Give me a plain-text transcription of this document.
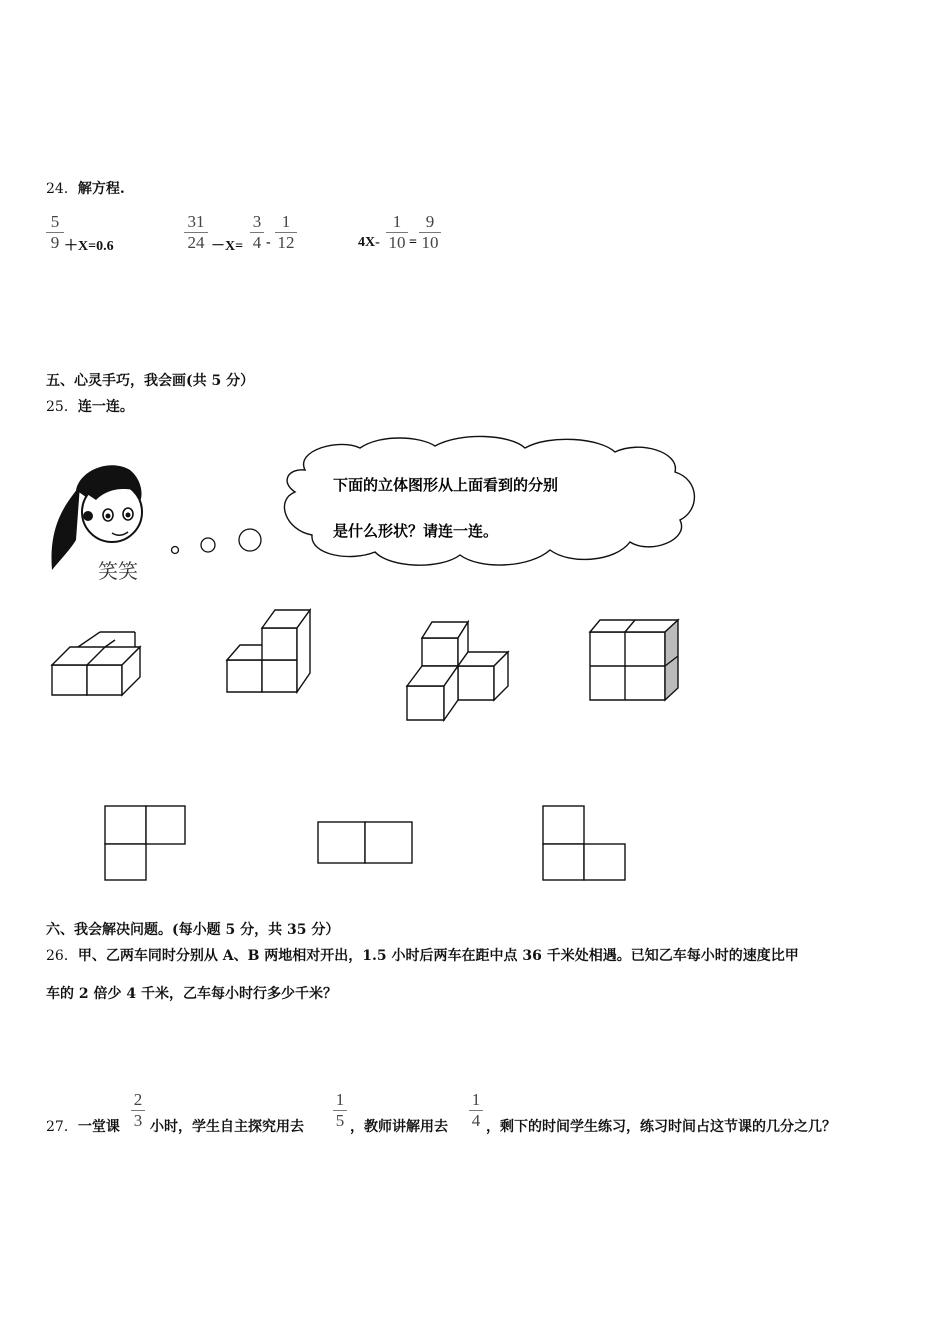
24．解方程.
5
9 ＋X=0.6
31
24 －X=
3
4 -
1
12	4X-
1
10 =
9
10
五、心灵手巧，我会画(共 5 分）
25．连一连。
笑笑
下面的立体图形从上面看到的分别
是什么形状？请连一连。
六、我会解决问题。(每小题 5 分，共 35 分）
26．甲、乙两车同时分别从 A、B 两地相对开出，1.5 小时后两车在距中点 36 千米处相遇。已知乙车每小时的速度比甲
车的 2 倍少 4 千米，乙车每小时行多少千米？
27．一堂课
2
3 小时，学生自主探究用去
1
5 ，教师讲解用去
1
4 ，剩下的时间学生练习，练习时间占这节课的几分之几？
